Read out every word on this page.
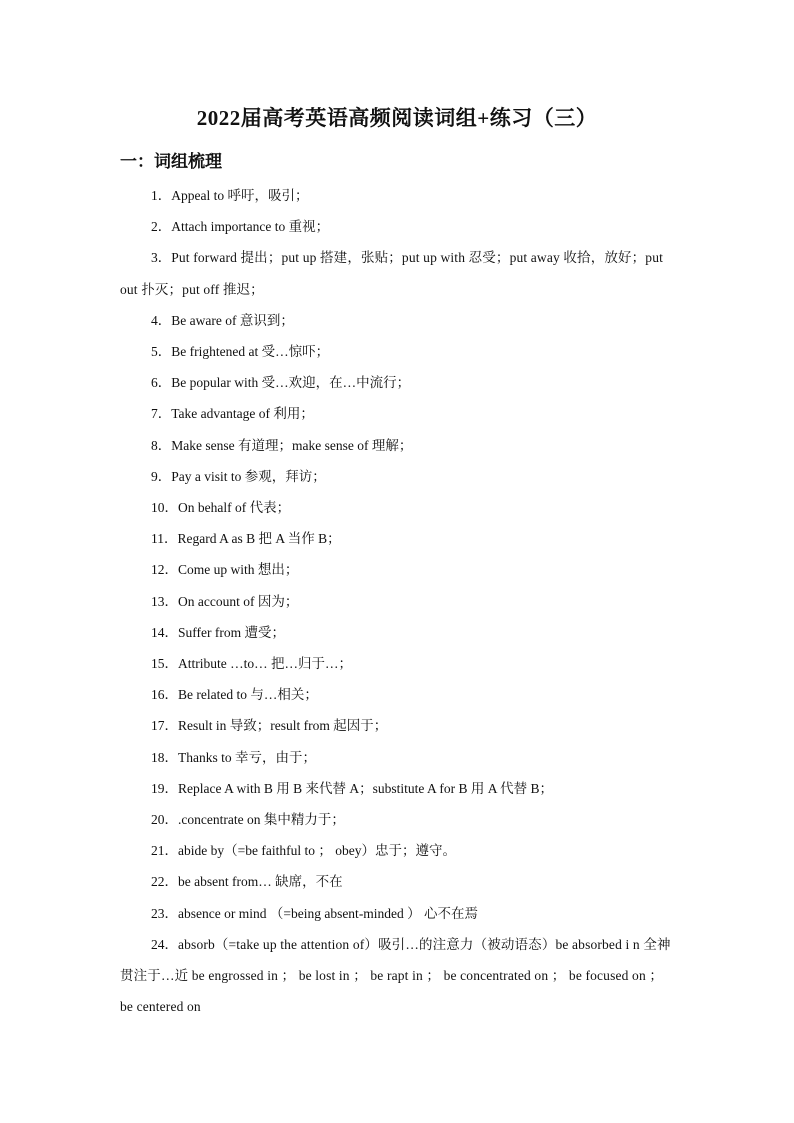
2022届高考英语高频阅读词组+练习（三）
一：词组梳理

1．Appeal to 呼吁，吸引；

2．Attach importance to 重视；

3．Put forward 提出；put up 搭建，张贴；put up with 忍受；put away 收拾，放好；put out 扑灭；put off 推迟；

4．Be aware of 意识到；

5．Be frightened at 受…惊吓；

6．Be popular with 受…欢迎，在…中流行；

7．Take advantage of 利用；

8．Make sense 有道理；make sense of 理解；

9．Pay a visit to 参观，拜访；

10．On behalf of 代表；

11．Regard A as B 把 A 当作 B；

12．Come up with 想出；

13．On account of 因为；

14．Suffer from 遭受；

15．Attribute …to… 把…归于…；

16．Be related to 与…相关；

17．Result in 导致；result from 起因于；

18．Thanks to 幸亏，由于；

19．Replace A with B 用 B 来代替 A；substitute A for B 用 A 代替 B；

20．.concentrate on 集中精力于；

21．abide by（=be faithful to ； obey）忠于；遵守。

22．be absent from… 缺席，不在

23．absence or mind （=being absent-minded ） 心不在焉

24．absorb（=take up the attention of）吸引…的注意力（被动语态）be absorbed i n 全神贯注于…近 be engrossed in ； be lost in ； be rapt in ； be concentrated on ； be focused on ； be centered on
